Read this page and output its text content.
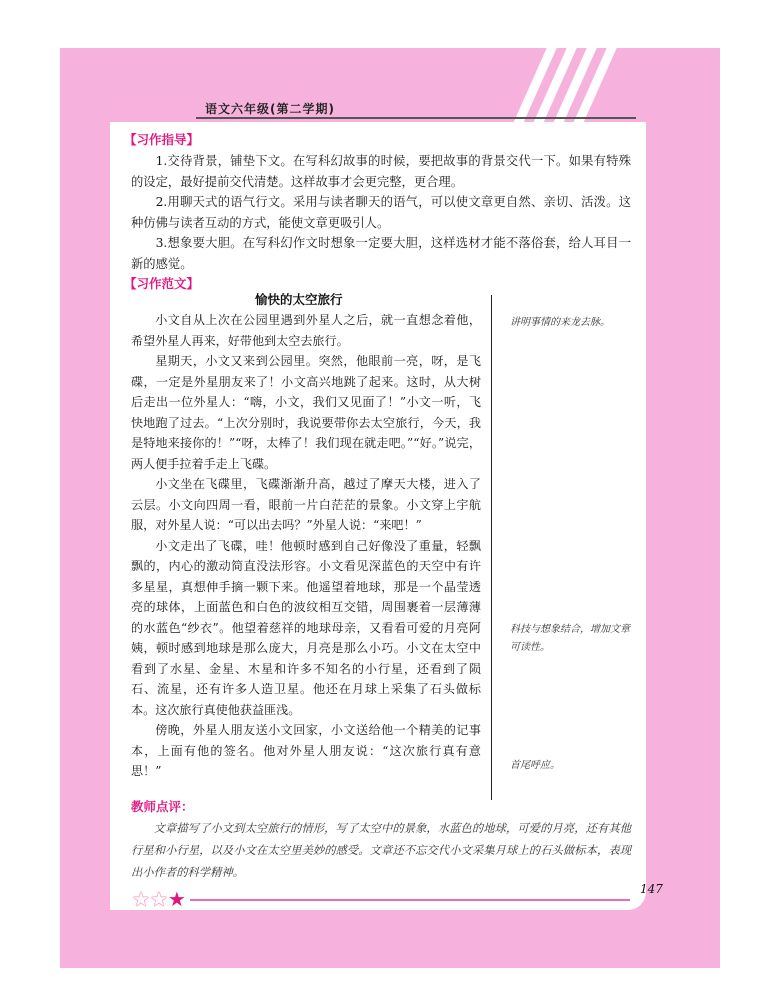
语文六年级(第二学期)
【习作指导】

1.交待背景，铺垫下文。在写科幻故事的时候，要把故事的背景交代一下。如果有特殊的设定，最好提前交代清楚。这样故事才会更完整，更合理。

2.用聊天式的语气行文。采用与读者聊天的语气，可以使文章更自然、亲切、活泼。这种仿佛与读者互动的方式，能使文章更吸引人。

3.想象要大胆。在写科幻作文时想象一定要大胆，这样选材才能不落俗套，给人耳目一新的感觉。

【习作范文】
愉快的太空旅行

小文自从上次在公园里遇到外星人之后，就一直想念着他，希望外星人再来，好带他到太空去旅行。

星期天，小文又来到公园里。突然，他眼前一亮，呀，是飞碟，一定是外星朋友来了！小文高兴地跳了起来。这时，从大树后走出一位外星人：“嗨，小文，我们又见面了！”小文一听，飞快地跑了过去。“上次分别时，我说要带你去太空旅行，今天，我是特地来接你的！”“呀，太棒了！我们现在就走吧。”“好。”说完，两人便手拉着手走上飞碟。

小文坐在飞碟里，飞碟渐渐升高，越过了摩天大楼，进入了云层。小文向四周一看，眼前一片白茫茫的景象。小文穿上宇航服，对外星人说：“可以出去吗？”外星人说：“来吧！”

小文走出了飞碟，哇！他顿时感到自己好像没了重量，轻飘飘的，内心的激动简直没法形容。小文看见深蓝色的天空中有许多星星，真想伸手摘一颗下来。他遥望着地球，那是一个晶莹透亮的球体，上面蓝色和白色的波纹相互交错，周围裹着一层薄薄的水蓝色“纱衣”。他望着慈祥的地球母亲，又看看可爱的月亮阿姨，顿时感到地球是那么庞大，月亮是那么小巧。小文在太空中看到了水星、金星、木星和许多不知名的小行星，还看到了陨石、流星，还有许多人造卫星。他还在月球上采集了石头做标本。这次旅行真使他获益匪浅。

傍晚，外星人朋友送小文回家，小文送给他一个精美的记事本，上面有他的签名。他对外星人朋友说：“这次旅行真有意思！”

讲明事情的来龙去脉。
科技与想象结合，增加文章可读性。
首尾呼应。
教师点评：

文章描写了小文到太空旅行的情形，写了太空中的景象，水蓝色的地球，可爱的月亮，还有其他行星和小行星，以及小文在太空里美妙的感受。文章还不忘交代小文采集月球上的石头做标本，表现出小作者的科学精神。

★★★	147
